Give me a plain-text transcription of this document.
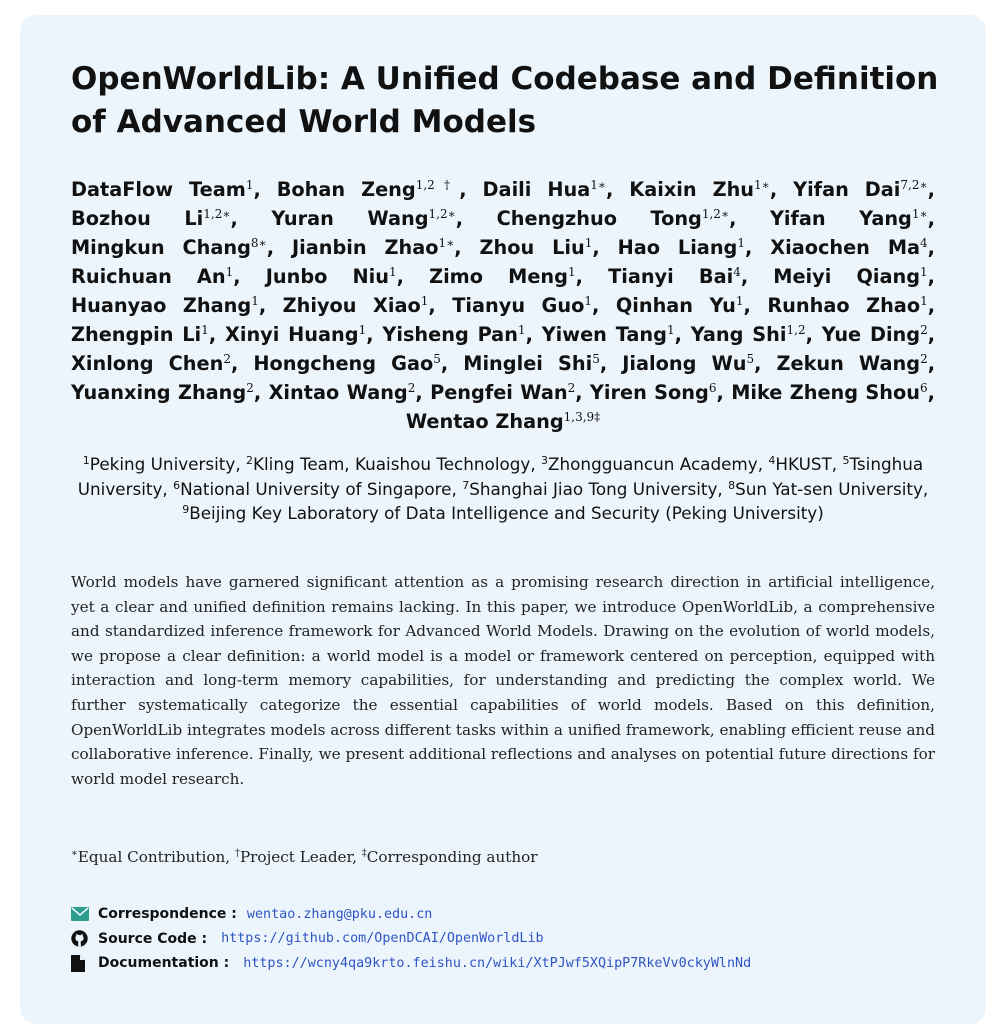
OpenWorldLib: A Unified Codebase and Definition of Advanced World Models
DataFlow Team$^1$, Bohan Zeng$^{1,2\dagger}$, Daili Hua$^{1∗}$, Kaixin Zhu$^{1∗}$, Yifan Dai$^{7,2∗}$, Bozhou $Li^{1,2∗}$, Yuran Wang$^{1,2∗}$, Chengzhuo Tong$^{1,2∗}$, Yifan Yang$^{1∗}$, Mingkun Chang$^{8∗}$, Jianbin Zhao$^{1∗}$, Zhou Liu$^1$, Hao Liang$^1$, Xiaochen Ma$^4$, Ruichuan An$^1$, Junbo Niu$^1$, Zimo Meng$^1$, Tianyi Bai$^4$, Meiyi Qiang$^1$, Huanyao Zhang$^1$, Zhiyou Xiao$^1$, Tianyu Guo$^1$, Qinhan Yu$^1$, Runhao Zhao$^1$, Zhengpin Li$^1$, Xinyi Huang$^1$, Yisheng Pan$^1$, Yiwen Tang$^1$, Yang Shi$^{1,2}$, Yue Ding$^2$, Xinlong Chen$^2$, Hongcheng Gao$^5$, Minglei Shi$^5$, Jialong Wu$^5$, Zekun Wang$^2$, Yuanxing Zhang$^2$, Xintao Wang$^2$, Pengfei Wan$^2$, Yiren Song$^6$, Mike Zheng Shou$^6$, Wentao Zhang$^{1,3,9\ddagger}$
$^1$Peking University, $^2$Kling Team, Kuaishou Technology, $^3$Zhongguancun Academy, $^4$HKUST, $^5$Tsinghua University, $^6$National University of Singapore, $^7$Shanghai Jiao Tong University, $^8$Sun Yat-sen University, $^9$Beijing Key Laboratory of Data Intelligence and Security (Peking University)
World models have garnered significant attention as a promising research direction in artificial intelligence, yet a clear and unified definition remains lacking. In this paper, we introduce OpenWorldLib, a comprehensive and standardized inference framework for Advanced World Models. Drawing on the evolution of world models, we propose a clear definition: a world model is a model or framework centered on perception, equipped with interaction and long-term memory capabilities, for understanding and predicting the complex world. We further systematically categorize the essential capabilities of world models. Based on this definition, OpenWorldLib integrates models across different tasks within a unified framework, enabling efficient reuse and collaborative inference. Finally, we present additional reflections and analyses on potential future directions for world model research.
∗Equal Contribution, †Project Leader, ‡Corresponding author
Correspondence : wentao.zhang@pku.edu.cn
Source Code : https://github.com/OpenDCAI/OpenWorldLib
Documentation : https://wcny4qa9krto.feishu.cn/wiki/XtPJwf5XQipP7RkeVv0ckyWlnNd
